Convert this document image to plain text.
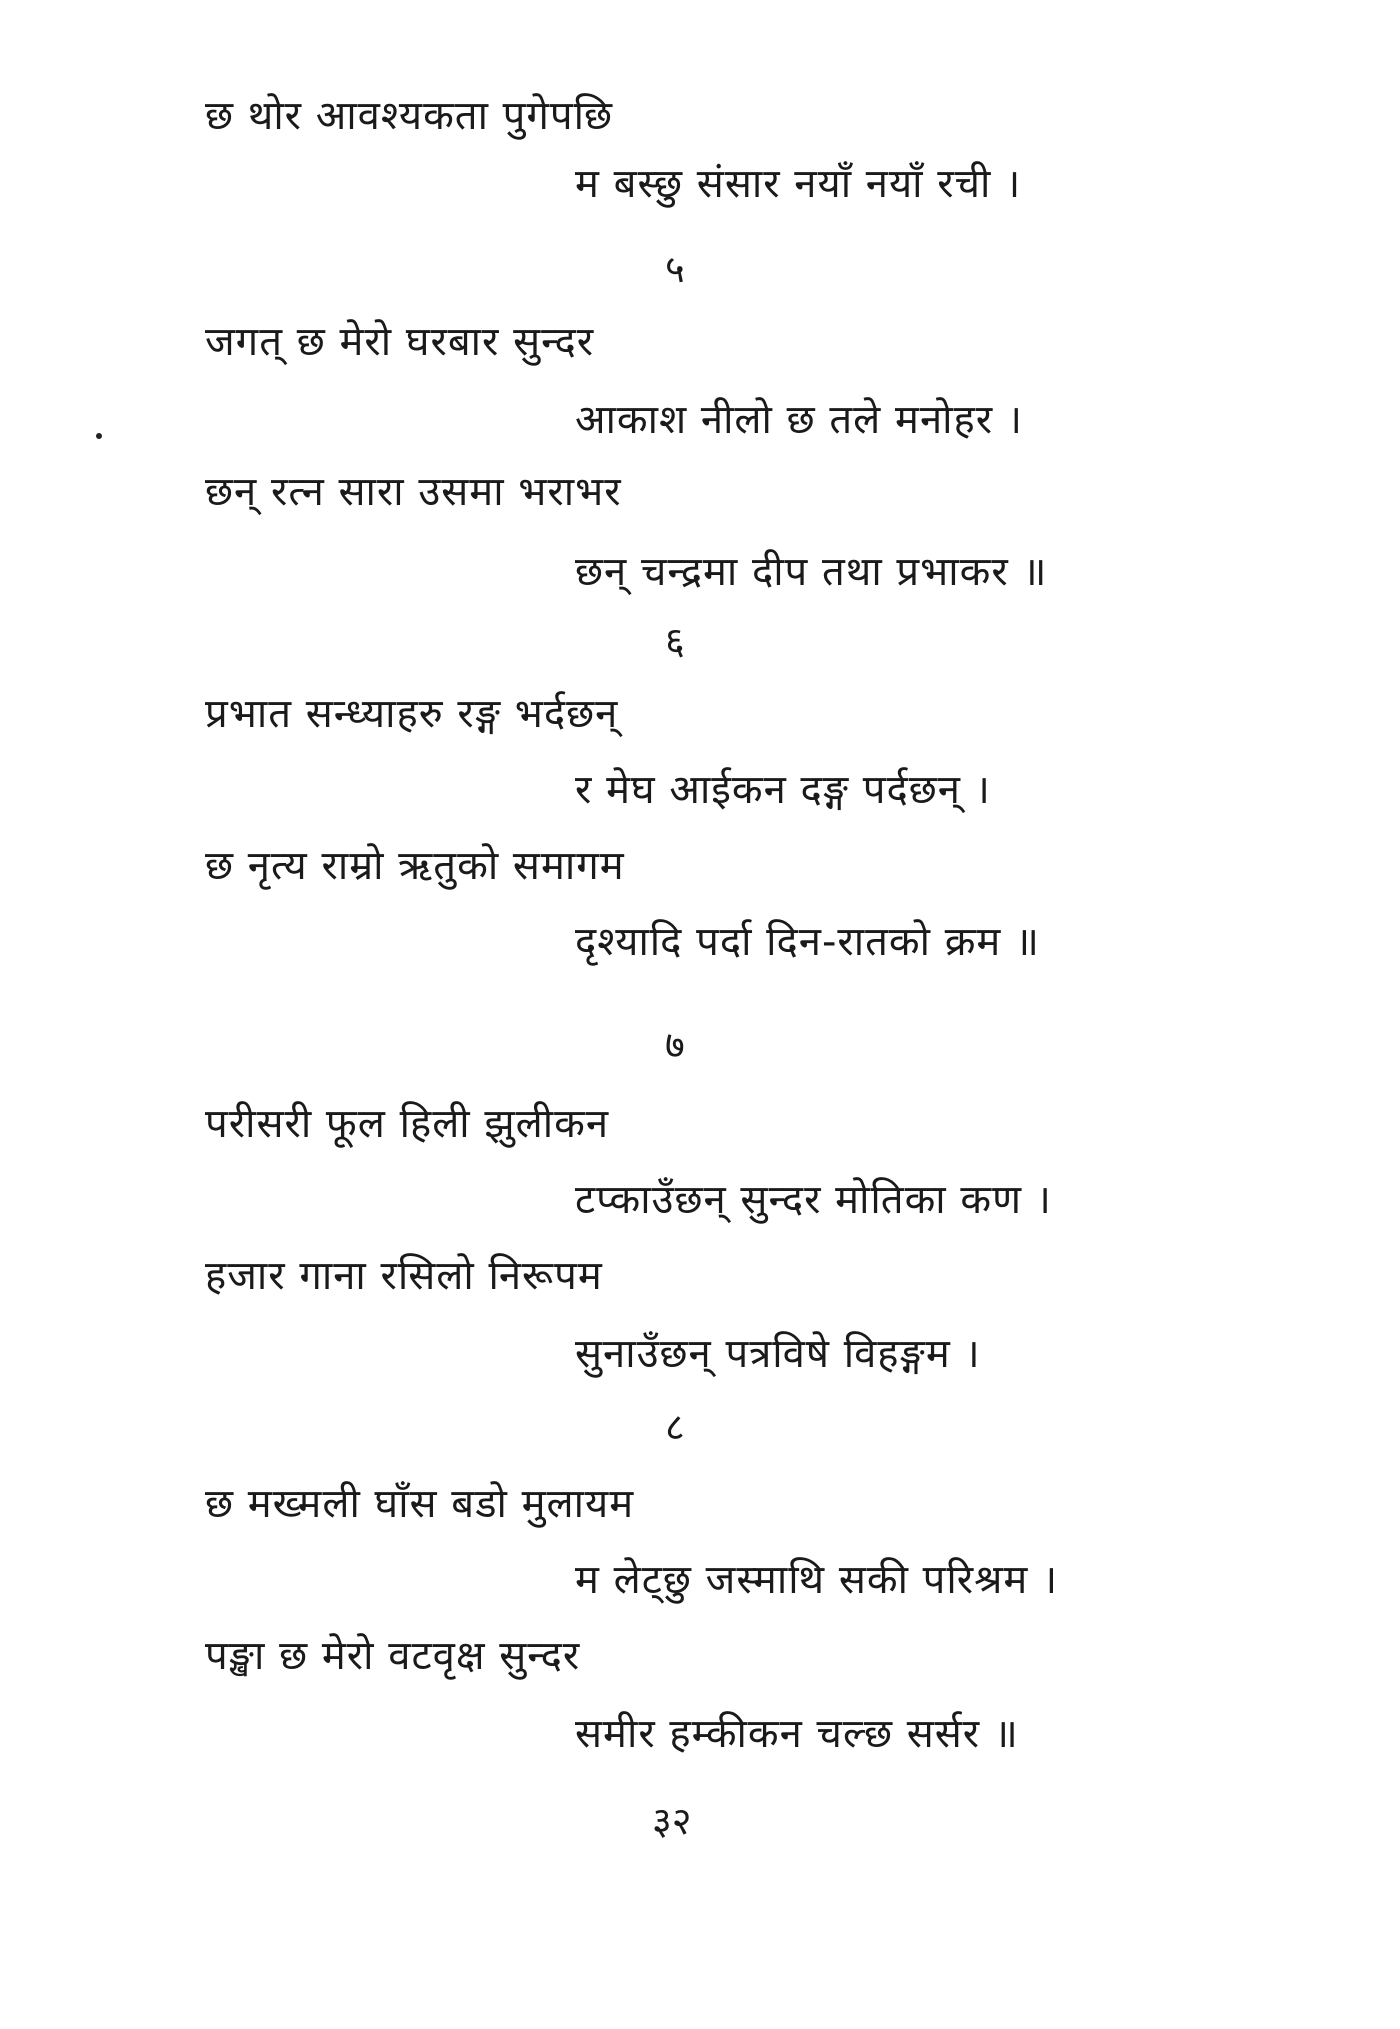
छ थोर आवश्यकता पुगेपछि
म बस्छु संसार नयाँ नयाँ रची ।
५
जगत् छ मेरो घरबार सुन्दर
आकाश नीलो छ तले मनोहर ।
छन् रत्न सारा उसमा भराभर
छन् चन्द्रमा दीप तथा प्रभाकर ॥
६
प्रभात सन्ध्याहरु रङ्ग भर्दछन्
र मेघ आईकन दङ्ग पर्दछन् ।
छ नृत्य राम्रो ऋतुको समागम
दृश्यादि पर्दा दिन-रातको क्रम ॥
७
परीसरी फूल हिली झुलीकन
टप्काउँछन् सुन्दर मोतिका कण ।
हजार गाना रसिलो निरूपम
सुनाउँछन् पत्रविषे विहङ्गम ।
८
छ मख्मली घाँस बडो मुलायम
म लेट्छु जस्माथि सकी परिश्रम ।
पङ्खा छ मेरो वटवृक्ष सुन्दर
समीर हम्कीकन चल्छ सर्सर ॥
३२
